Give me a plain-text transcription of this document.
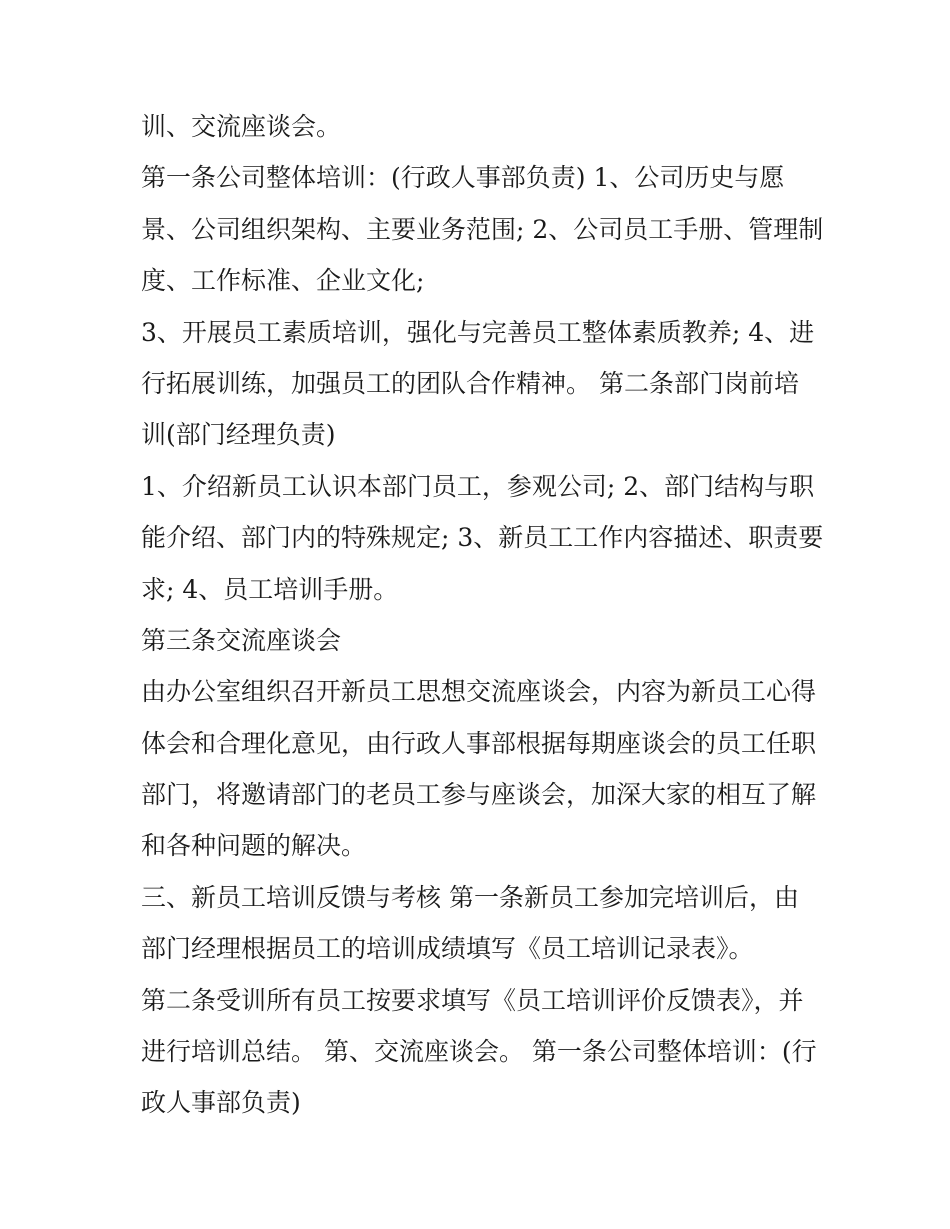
训、交流座谈会。
第一条公司整体培训：(行政人事部负责) 1、公司历史与愿
景、公司组织架构、主要业务范围; 2、公司员工手册、管理制
度、工作标准、企业文化;
3、开展员工素质培训，强化与完善员工整体素质教养; 4、进
行拓展训练，加强员工的团队合作精神。 第二条部门岗前培
训(部门经理负责)
1、介绍新员工认识本部门员工，参观公司; 2、部门结构与职
能介绍、部门内的特殊规定; 3、新员工工作内容描述、职责要
求; 4、员工培训手册。
第三条交流座谈会
由办公室组织召开新员工思想交流座谈会，内容为新员工心得
体会和合理化意见，由行政人事部根据每期座谈会的员工任职
部门，将邀请部门的老员工参与座谈会，加深大家的相互了解
和各种问题的解决。
三、新员工培训反馈与考核 第一条新员工参加完培训后，由
部门经理根据员工的培训成绩填写《员工培训记录表》。
第二条受训所有员工按要求填写《员工培训评价反馈表》，并
进行培训总结。 第、交流座谈会。 第一条公司整体培训：(行
政人事部负责)
